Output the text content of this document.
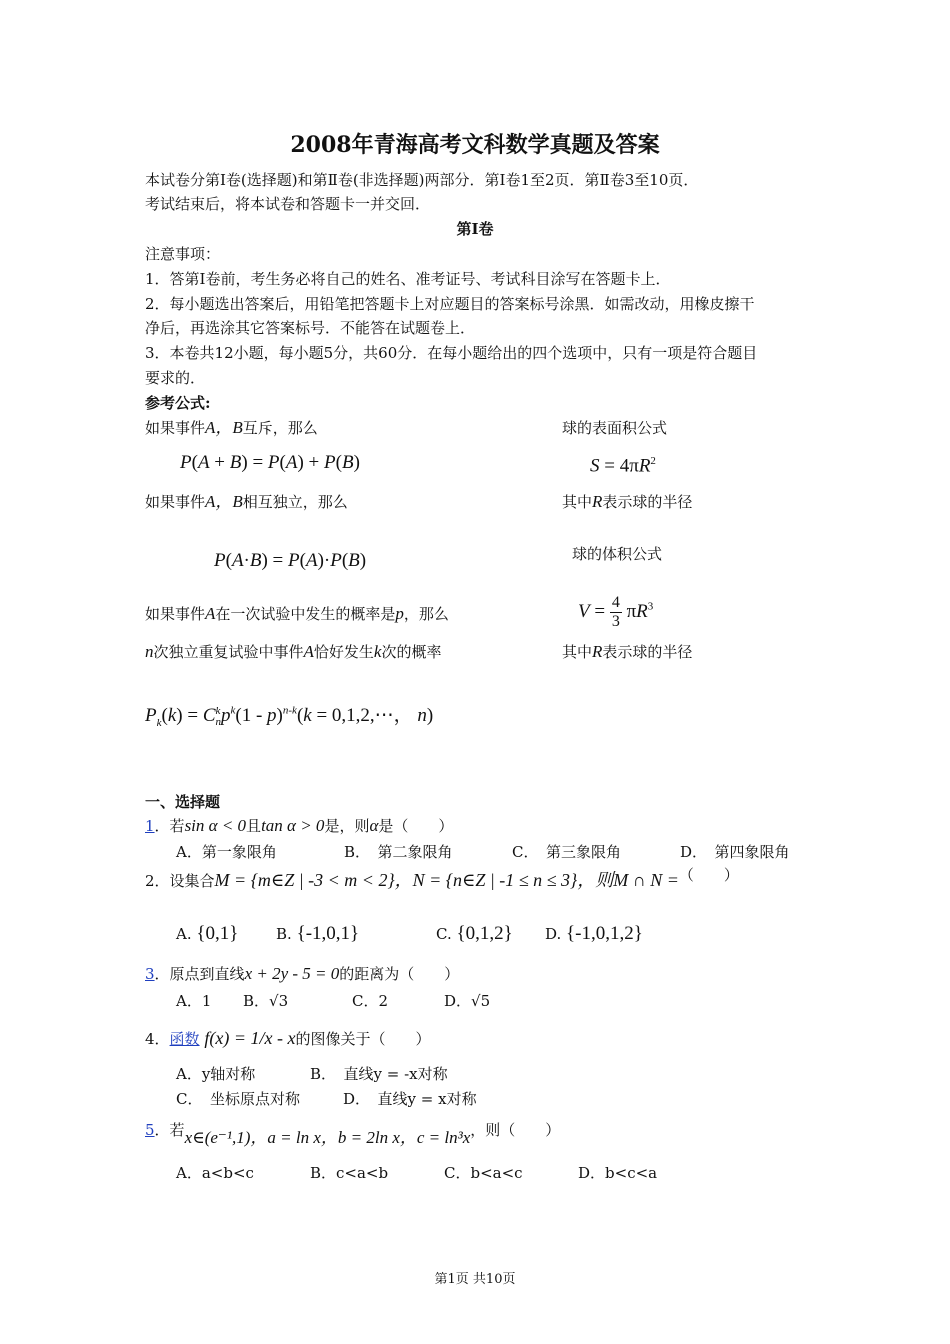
2008年青海高考文科数学真题及答案
本试卷分第Ⅰ卷(选择题)和第Ⅱ卷(非选择题)两部分．第Ⅰ卷1至2页．第Ⅱ卷3至10页．
考试结束后，将本试卷和答题卡一并交回．
第Ⅰ卷
注意事项：
1．答第Ⅰ卷前，考生务必将自己的姓名、准考证号、考试科目涂写在答题卡上．
2．每小题选出答案后，用铅笔把答题卡上对应题目的答案标号涂黑．如需改动，用橡皮擦干
净后，再选涂其它答案标号．不能答在试题卷上．
3．本卷共12小题，每小题5分，共60分．在每小题给出的四个选项中，只有一项是符合题目
要求的．
参考公式:
如果事件A，B互斥，那么
P(A + B) = P(A) + P(B)
球的表面积公式
$S = 4\pi R^2$
如果事件A，B相互独立，那么	其中R表示球的半径
P(A·B) = P(A)·P(B)	球的体积公式
如果事件A在一次试验中发生的概率是p，那么	$V = \frac{4}{3} \pi R^3$
n次独立重复试验中事件A恰好发生k次的概率	其中R表示球的半径
$P_k(k) = C$ k
n $p^k(1 - p)^{n-k}(k$ = 0,1,2,⋯， n)
一、选择题
1．若sin α < 0且tan α > 0是，则α是（　　）
A．第一象限角	B．　第二象限角	C．　第三象限角	D．　第四象限角
2．设集合M = {m∈Z | -3 < m < 2}，N = {n∈Z | -1 ≤ n ≤ 3}，则M ∩ N =（　　）
A. {0,1}	B. {-1,0,1}	C. {0,1,2} D. {-1,0,1,2}
3．原点到直线x + 2y - 5 = 0的距离为（　　）
A．1 B．√3	C．2	D．√5
4．函数 f(x) = 1/x - x的图像关于（　　）
A．y轴对称	B．　直线y = -x对称
C．　坐标原点对称	D．　直线y = x对称
5．若x∈(e⁻¹,1)，a = ln x，b = 2ln x，c = ln³x，则（　　）
A．a<b<c	B．c<a<b	C．b<a<c	D．b<c<a
第1页 共10页
